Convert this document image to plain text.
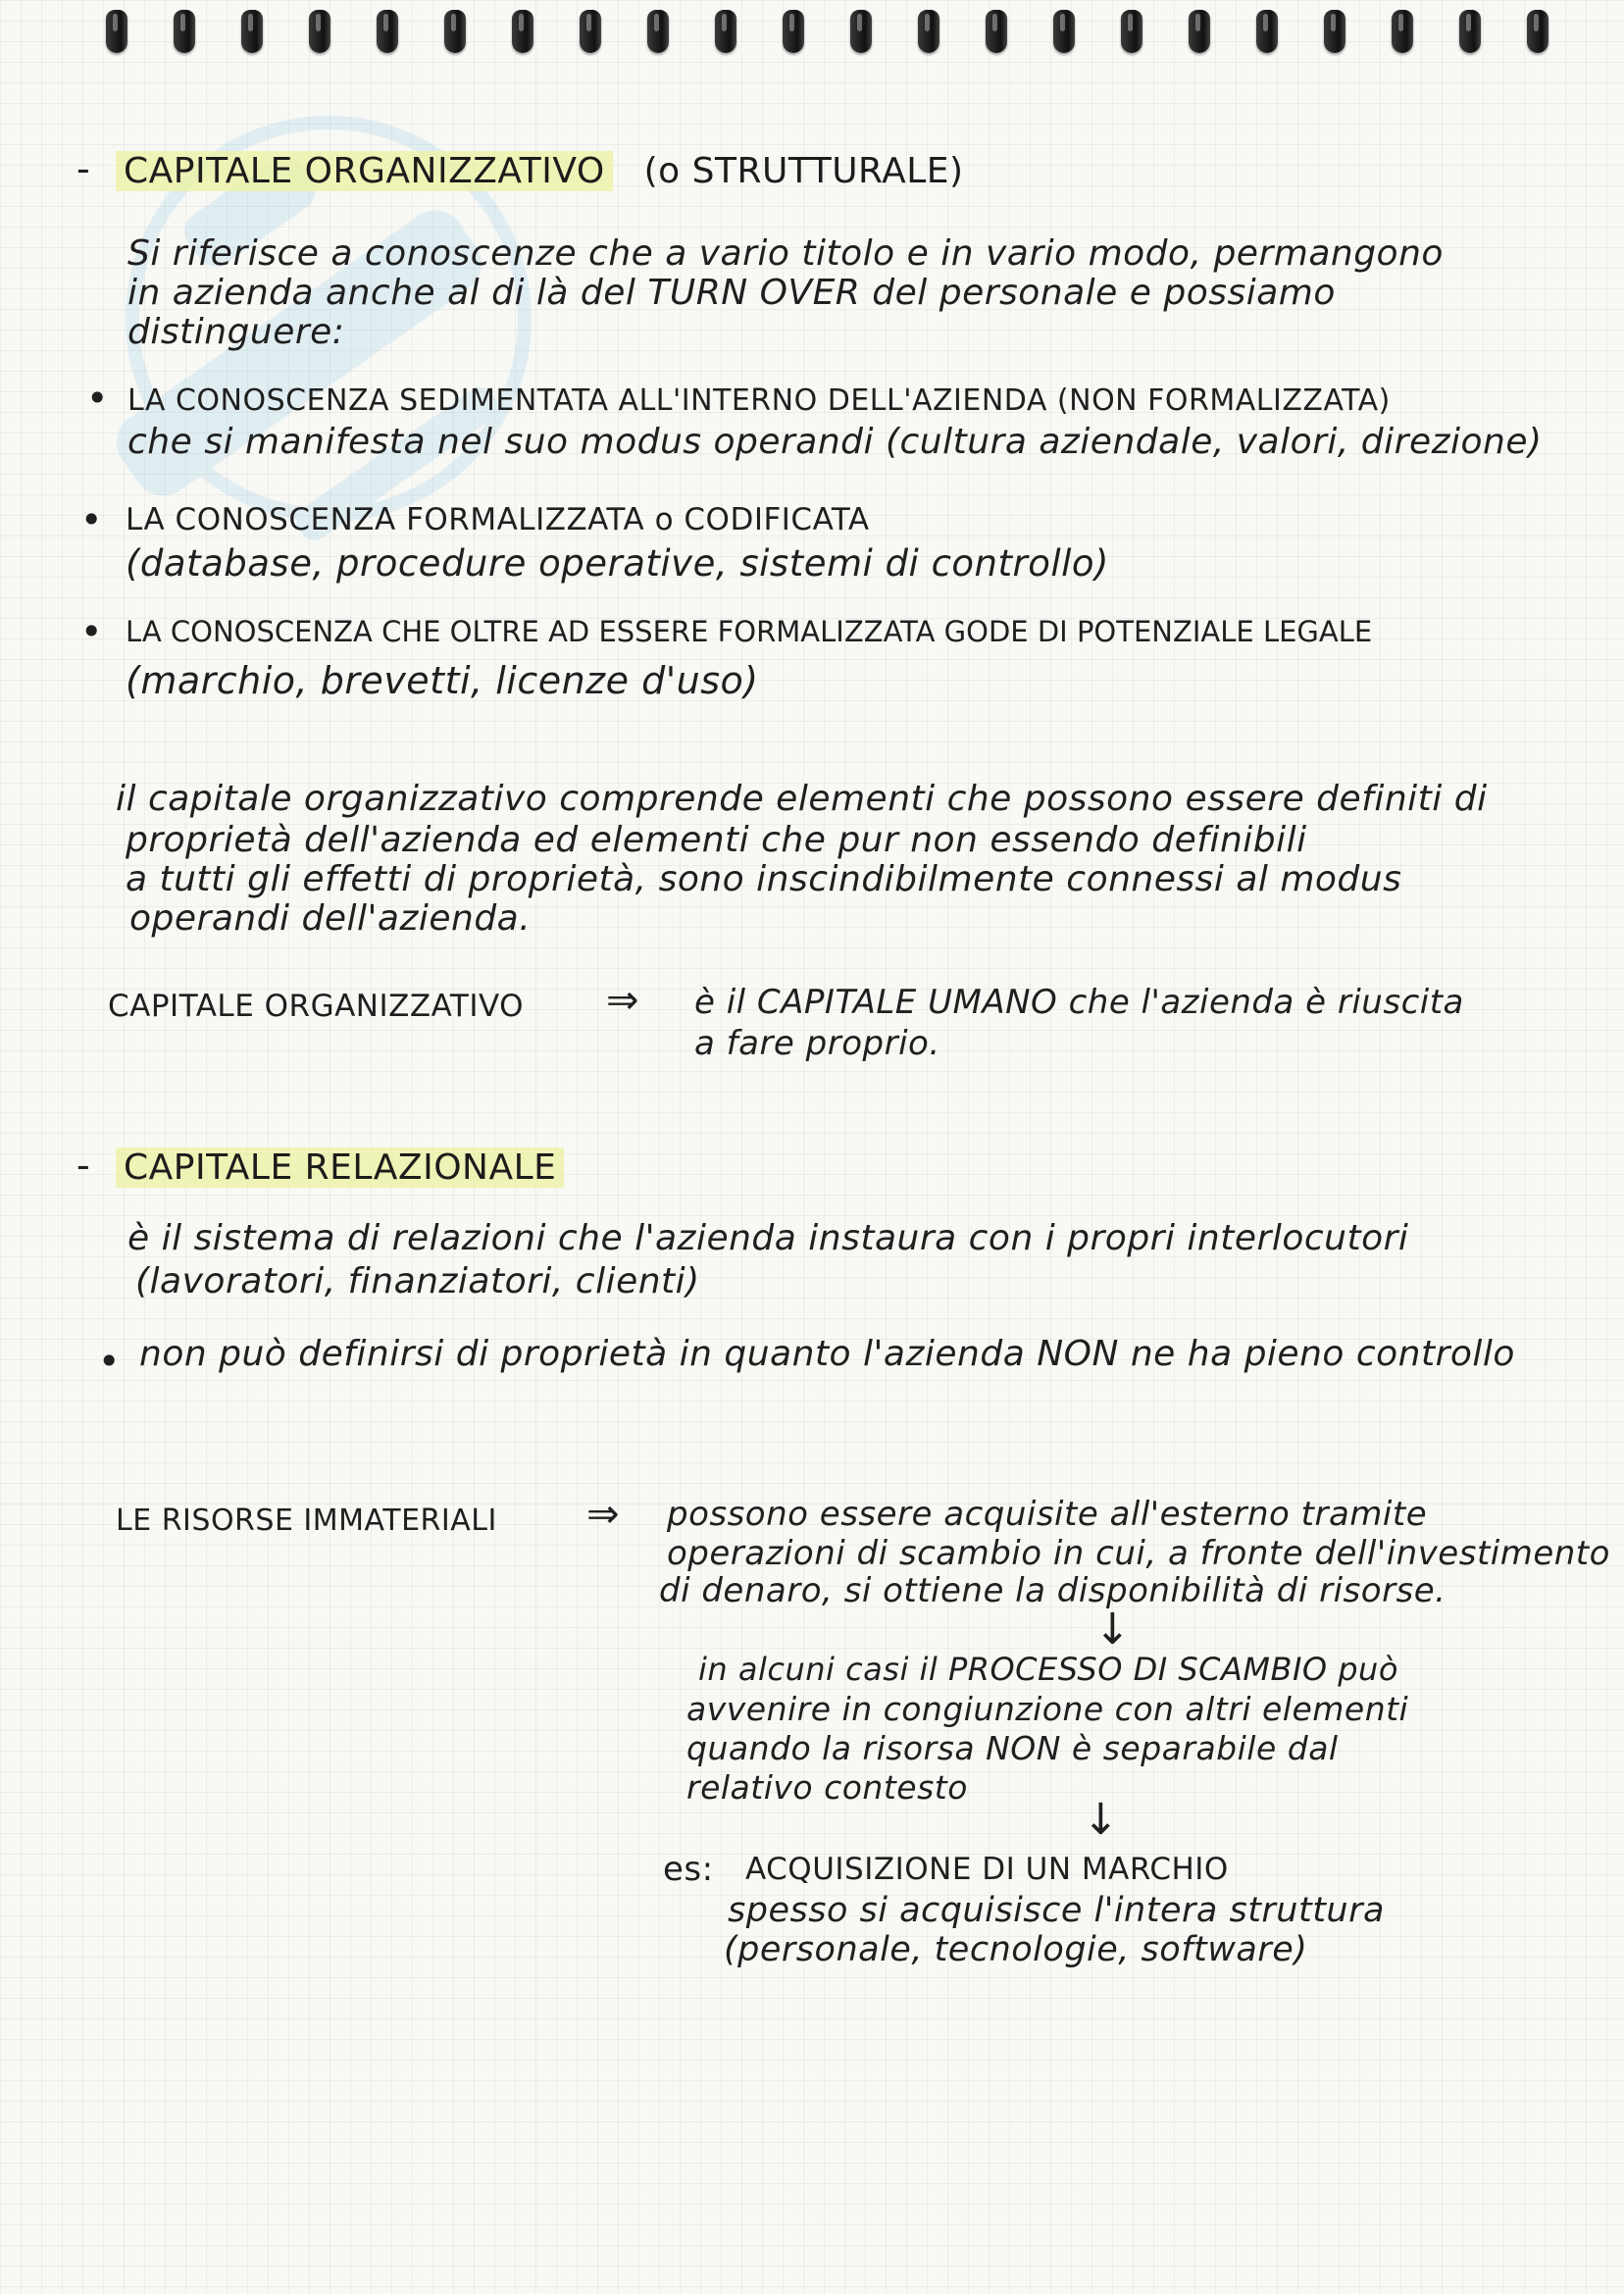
- CAPITALE ORGANIZZATIVO (o STRUTTURALE)
Si riferisce a conoscenze che a vario titolo e in vario modo, permangono
in azienda anche al di là del TURN OVER del personale e possiamo
distinguere:
• LA CONOSCENZA SEDIMENTATA ALL'INTERNO DELL'AZIENDA (NON FORMALIZZATA)
che si manifesta nel suo modus operandi (cultura aziendale, valori, direzione)
• LA CONOSCENZA FORMALIZZATA o CODIFICATA
(database, procedure operative, sistemi di controllo)
• LA CONOSCENZA CHE OLTRE AD ESSERE FORMALIZZATA GODE DI POTENZIALE LEGALE
(marchio, brevetti, licenze d'uso)
il capitale organizzativo comprende elementi che possono essere definiti di
proprietà dell'azienda ed elementi che pur non essendo definibili
a tutti gli effetti di proprietà, sono inscindibilmente connessi al modus
operandi dell'azienda.
CAPITALE ORGANIZZATIVO ⇒ è il CAPITALE UMANO che l'azienda è riuscita
a fare proprio.
- CAPITALE RELAZIONALE
è il sistema di relazioni che l'azienda instaura con i propri interlocutori
(lavoratori, finanziatori, clienti)
• non può definirsi di proprietà in quanto l'azienda NON ne ha pieno controllo
LE RISORSE IMMATERIALI ⇒ possono essere acquisite all'esterno tramite
operazioni di scambio in cui, a fronte dell'investimento
di denaro, si ottiene la disponibilità di risorse.
↓
in alcuni casi il PROCESSO DI SCAMBIO può
avvenire in congiunzione con altri elementi
quando la risorsa NON è separabile dal
relativo contesto
↓
es: ACQUISIZIONE DI UN MARCHIO
spesso si acquisisce l'intera struttura
(personale, tecnologie, software)
